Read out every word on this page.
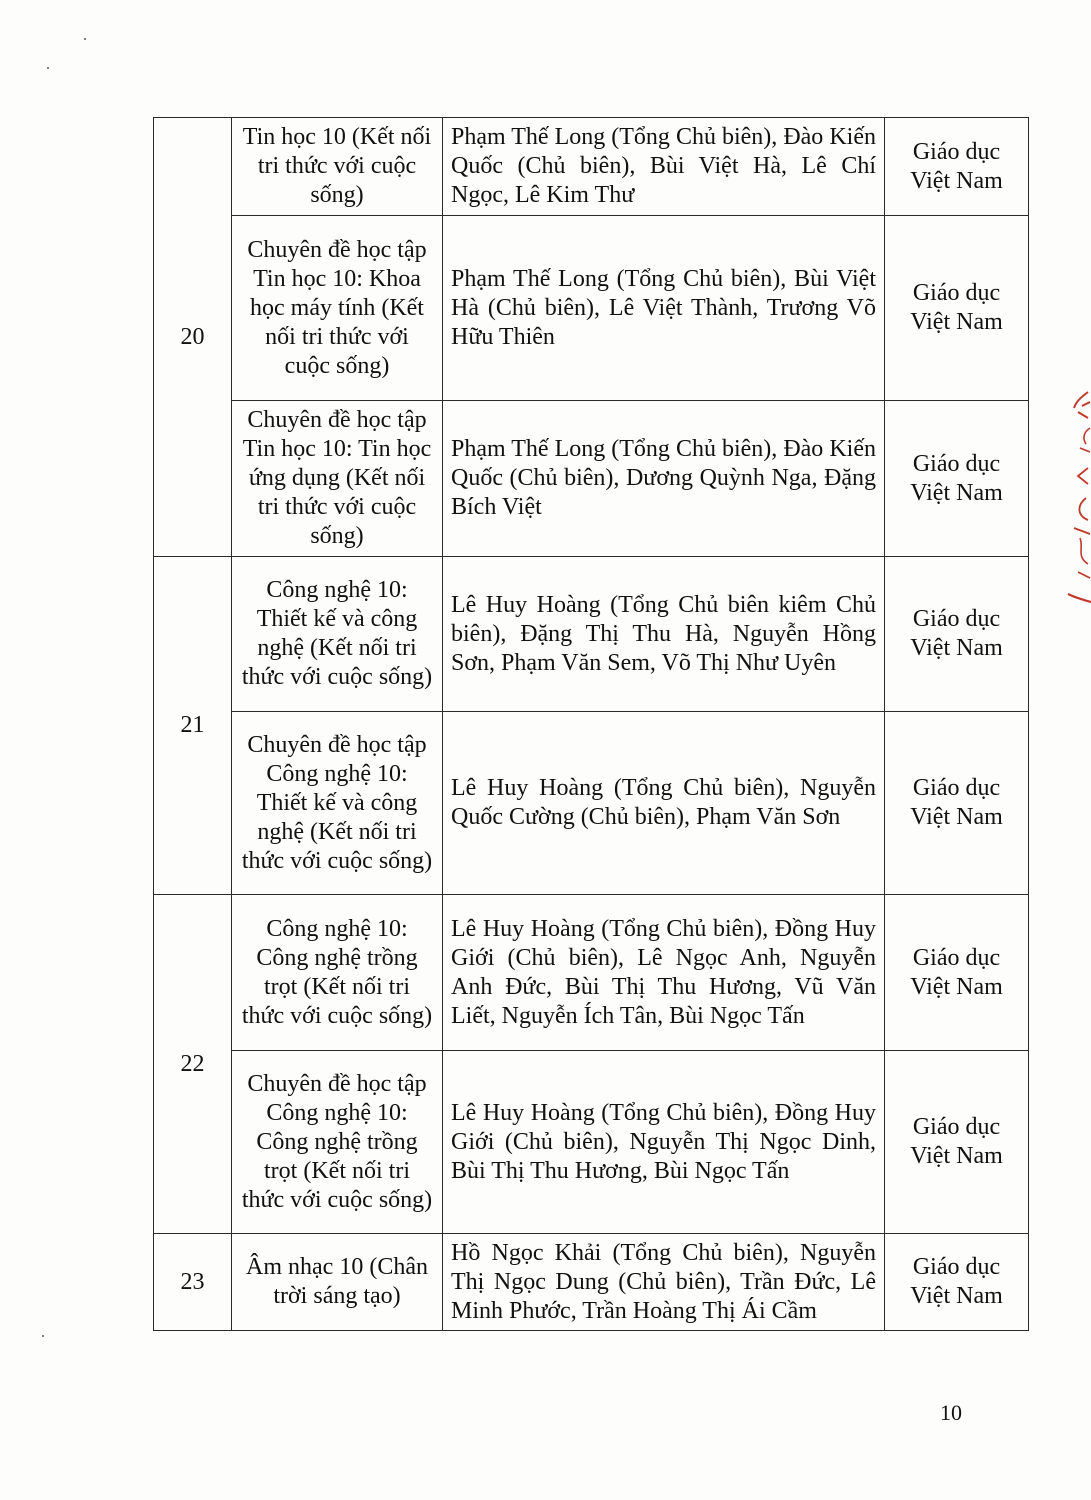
20	Tin học 10 (Kết nối tri thức với cuộc sống)	Phạm Thế Long (Tổng Chủ biên), Đào Kiến Quốc (Chủ biên), Bùi Việt Hà, Lê Chí Ngọc, Lê Kim Thư	Giáo dục Việt Nam
	Chuyên đề học tập Tin học 10: Khoa học máy tính (Kết nối tri thức với cuộc sống)	Phạm Thế Long (Tổng Chủ biên), Bùi Việt Hà (Chủ biên), Lê Việt Thành, Trương Võ Hữu Thiên	Giáo dục Việt Nam
	Chuyên đề học tập Tin học 10: Tin học ứng dụng (Kết nối tri thức với cuộc sống)	Phạm Thế Long (Tổng Chủ biên), Đào Kiến Quốc (Chủ biên), Dương Quỳnh Nga, Đặng Bích Việt	Giáo dục Việt Nam
21	Công nghệ 10: Thiết kế và công nghệ (Kết nối tri thức với cuộc sống)	Lê Huy Hoàng (Tổng Chủ biên kiêm Chủ biên), Đặng Thị Thu Hà, Nguyễn Hồng Sơn, Phạm Văn Sem, Võ Thị Như Uyên	Giáo dục Việt Nam
	Chuyên đề học tập Công nghệ 10: Thiết kế và công nghệ (Kết nối tri thức với cuộc sống)	Lê Huy Hoàng (Tổng Chủ biên), Nguyễn Quốc Cường (Chủ biên), Phạm Văn Sơn	Giáo dục Việt Nam
22	Công nghệ 10: Công nghệ trồng trọt (Kết nối tri thức với cuộc sống)	Lê Huy Hoàng (Tổng Chủ biên), Đồng Huy Giới (Chủ biên), Lê Ngọc Anh, Nguyễn Anh Đức, Bùi Thị Thu Hương, Vũ Văn Liết, Nguyễn Ích Tân, Bùi Ngọc Tấn	Giáo dục Việt Nam
	Chuyên đề học tập Công nghệ 10: Công nghệ trồng trọt (Kết nối tri thức với cuộc sống)	Lê Huy Hoàng (Tổng Chủ biên), Đồng Huy Giới (Chủ biên), Nguyễn Thị Ngọc Dinh, Bùi Thị Thu Hương, Bùi Ngọc Tấn	Giáo dục Việt Nam
23	Âm nhạc 10 (Chân trời sáng tạo)	Hồ Ngọc Khải (Tổng Chủ biên), Nguyễn Thị Ngọc Dung (Chủ biên), Trần Đức, Lê Minh Phước, Trần Hoàng Thị Ái Cầm	Giáo dục Việt Nam
10
